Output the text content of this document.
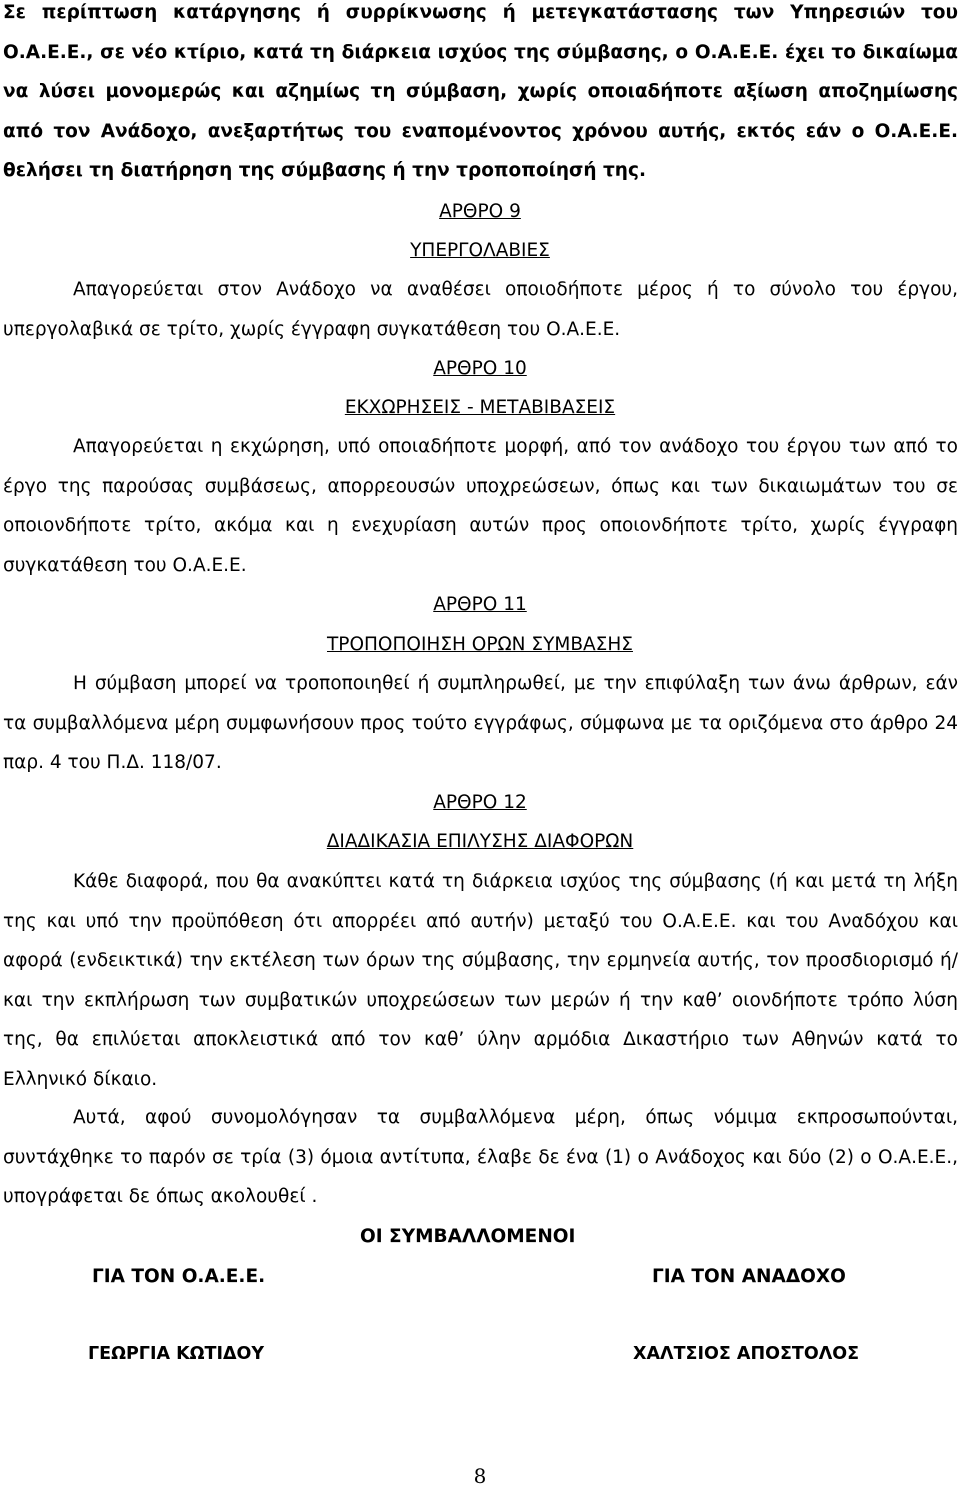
Σε περίπτωση κατάργησης ή συρρίκνωσης ή μετεγκατάστασης των Υπηρεσιών του Ο.Α.Ε.Ε., σε νέο κτίριο, κατά τη διάρκεια ισχύος της σύμβασης, ο Ο.Α.Ε.Ε. έχει το δικαίωμα να λύσει μονομερώς και αζημίως τη σύμβαση, χωρίς οποιαδήποτε αξίωση αποζημίωσης από τον Ανάδοχο, ανεξαρτήτως του εναπομένοντος χρόνου αυτής, εκτός εάν ο Ο.Α.Ε.Ε. θελήσει τη διατήρηση της σύμβασης ή την τροποποίησή της.

ΑΡΘΡΟ 9

ΥΠΕΡΓΟΛΑΒΙΕΣ

Απαγορεύεται στον Ανάδοχο να αναθέσει οποιοδήποτε μέρος ή το σύνολο του έργου, υπεργολαβικά σε τρίτο, χωρίς έγγραφη συγκατάθεση του Ο.Α.Ε.Ε.

ΑΡΘΡΟ 10

ΕΚΧΩΡΗΣΕΙΣ - ΜΕΤΑΒΙΒΑΣΕΙΣ

Απαγορεύεται η εκχώρηση, υπό οποιαδήποτε μορφή, από τον ανάδοχο του έργου των από το έργο της παρούσας συμβάσεως, απορρεουσών υποχρεώσεων, όπως και των δικαιωμάτων του σε οποιονδήποτε τρίτο, ακόμα και η ενεχυρίαση αυτών προς οποιονδήποτε τρίτο, χωρίς έγγραφη συγκατάθεση του Ο.Α.Ε.Ε.

ΑΡΘΡΟ 11

ΤΡΟΠΟΠΟΙΗΣΗ ΟΡΩΝ ΣΥΜΒΑΣΗΣ

Η σύμβαση μπορεί να τροποποιηθεί ή συμπληρωθεί, με την επιφύλαξη των άνω άρθρων, εάν τα συμβαλλόμενα μέρη συμφωνήσουν προς τούτο εγγράφως, σύμφωνα με τα οριζόμενα στο άρθρο 24 παρ. 4 του Π.Δ. 118/07.

ΑΡΘΡΟ 12

ΔΙΑΔΙΚΑΣΙΑ ΕΠΙΛΥΣΗΣ ΔΙΑΦΟΡΩΝ

Κάθε διαφορά, που θα ανακύπτει κατά τη διάρκεια ισχύος της σύμβασης (ή και μετά τη λήξη της και υπό την προϋπόθεση ότι απορρέει από αυτήν) μεταξύ του Ο.Α.Ε.Ε. και του Αναδόχου και αφορά (ενδεικτικά) την εκτέλεση των όρων της σύμβασης, την ερμηνεία αυτής, τον προσδιορισμό ή/και την εκπλήρωση των συμβατικών υποχρεώσεων των μερών ή την καθ’ οιονδήποτε τρόπο λύση της, θα επιλύεται αποκλειστικά από τον καθ’ ύλην αρμόδια Δικαστήριο των Αθηνών κατά το Ελληνικό δίκαιο.

Αυτά, αφού συνομολόγησαν τα συμβαλλόμενα μέρη, όπως νόμιμα εκπροσωπούνται, συντάχθηκε το παρόν σε τρία (3) όμοια αντίτυπα, έλαβε δε ένα (1) ο Ανάδοχος και δύο (2) ο Ο.Α.Ε.Ε., υπογράφεται δε όπως ακολουθεί .

ΟΙ ΣΥΜΒΑΛΛΟΜΕΝΟΙ
ΓΙΑ ΤΟΝ Ο.Α.Ε.Ε.	ΓΙΑ ΤΟΝ ΑΝΑΔΟΧΟ
ΓΕΩΡΓΙΑ ΚΩΤΙΔΟΥ	ΧΑΛΤΣΙΟΣ ΑΠΟΣΤΟΛΟΣ
8
